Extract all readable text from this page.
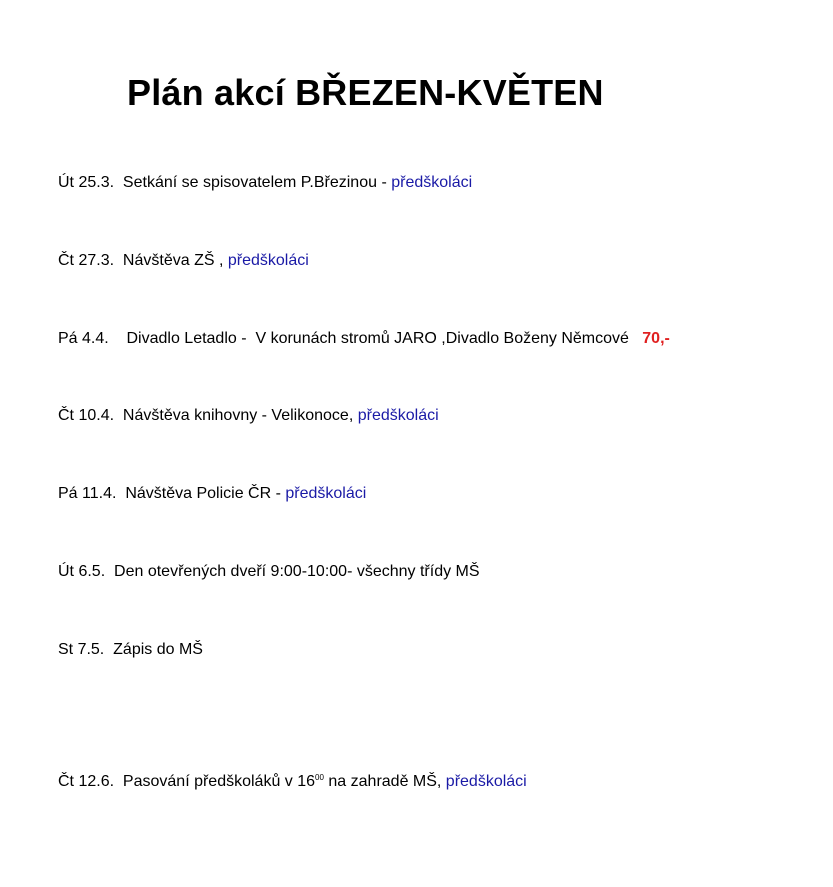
Plán akcí BŘEZEN-KVĚTEN

Út 25.3. Setkání se spisovatelem P.Březinou - předškoláci

Čt 27.3. Návštěva ZŠ , předškoláci

Pá 4.4. Divadlo Letadlo -  V korunách stromů JARO ,Divadlo Boženy Němcové 70,-

Čt 10.4. Návštěva knihovny - Velikonoce, předškoláci

Pá 11.4. Návštěva Policie ČR - předškoláci

Út 6.5. Den otevřených dveří 9:00-10:00- všechny třídy MŠ

St 7.5. Zápis do MŠ

Čt 12.6. Pasování předškoláků v $16^{00}$ na zahradě MŠ, předškoláci
